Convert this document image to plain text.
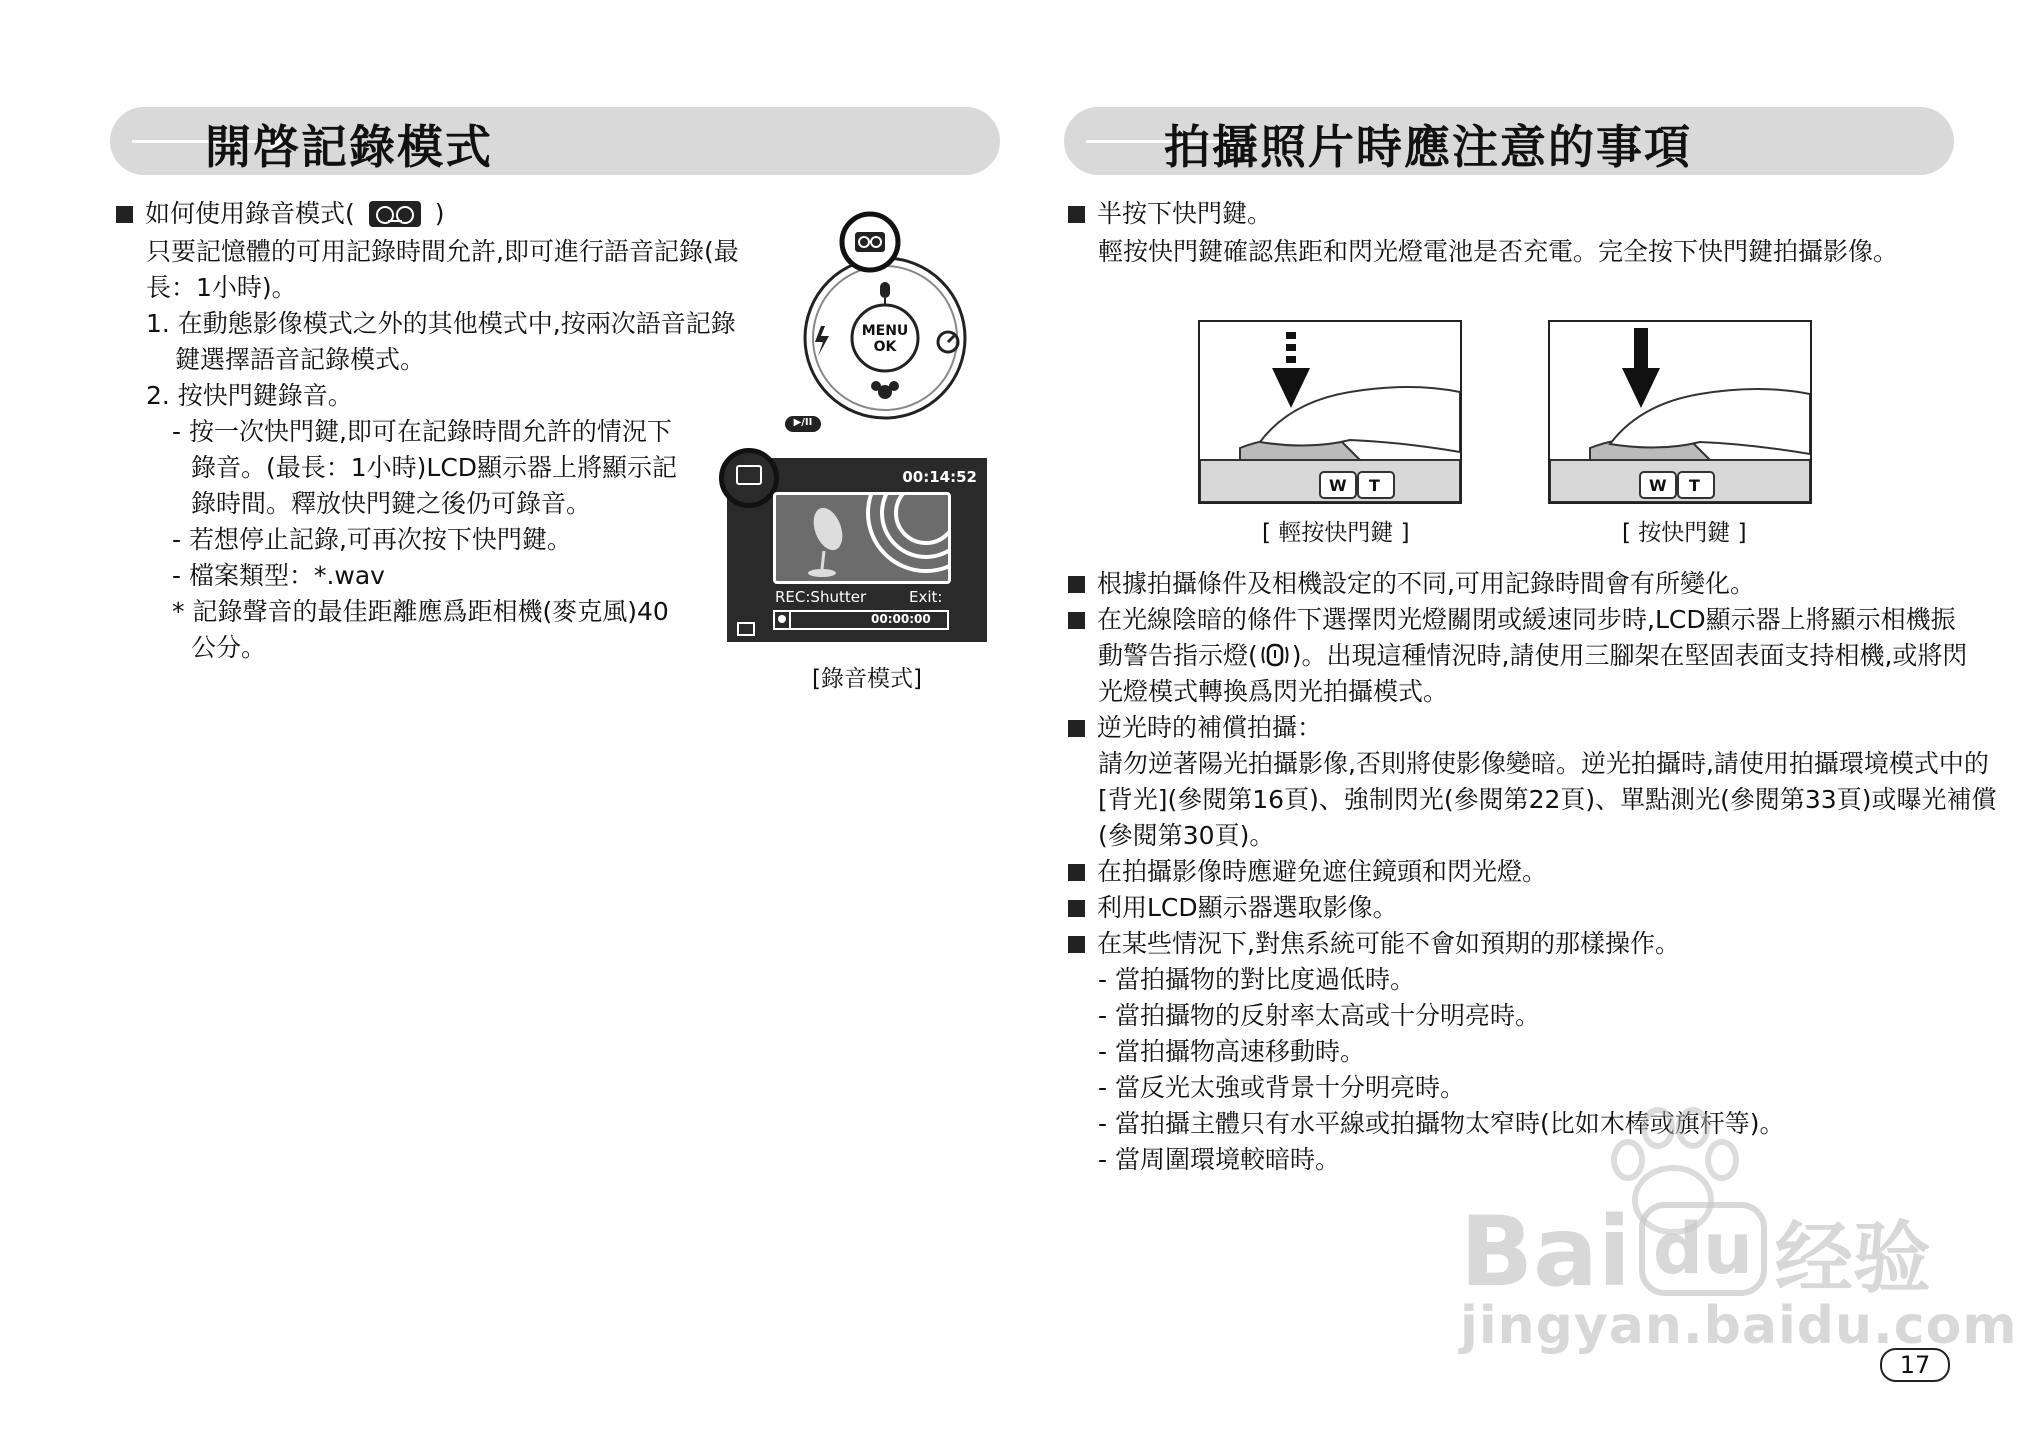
開啓記錄模式	拍攝照片時應注意的事項
如何使用錄音模式(	)
只要記憶體的可用記錄時間允許,即可進行語音記錄(最
長：1小時)。
1. 在動態影像模式之外的其他模式中,按兩次語音記錄
鍵選擇語音記錄模式。
2. 按快門鍵錄音。
- 按一次快門鍵,即可在記錄時間允許的情況下
錄音。(最長：1小時)LCD顯示器上將顯示記
錄時間。釋放快門鍵之後仍可錄音。
- 若想停止記錄,可再次按下快門鍵。
- 檔案類型：*.wav
* 記錄聲音的最佳距離應爲距相機(麥克風)40
公分。
MENU
OK
▶/II
00:14:52
REC:Shutter	Exit:
00:00:00
[錄音模式]
半按下快門鍵。
輕按快門鍵確認焦距和閃光燈電池是否充電。完全按下快門鍵拍攝影像。
W T
[ 輕按快門鍵 ]
W T
[ 按快門鍵 ]
根據拍攝條件及相機設定的不同,可用記錄時間會有所變化。
在光線陰暗的條件下選擇閃光燈關閉或緩速同步時,LCD顯示器上將顯示相機振
動警告指示燈( )。出現這種情況時,請使用三腳架在堅固表面支持相機,或將閃
光燈模式轉換爲閃光拍攝模式。
逆光時的補償拍攝：
請勿逆著陽光拍攝影像,否則將使影像變暗。逆光拍攝時,請使用拍攝環境模式中的
[背光](參閱第16頁)、強制閃光(參閱第22頁)、單點測光(參閱第33頁)或曝光補償
(參閱第30頁)。
在拍攝影像時應避免遮住鏡頭和閃光燈。
利用LCD顯示器選取影像。
在某些情況下,對焦系統可能不會如預期的那樣操作。
- 當拍攝物的對比度過低時。
- 當拍攝物的反射率太高或十分明亮時。
- 當拍攝物高速移動時。
- 當反光太強或背景十分明亮時。
- 當拍攝主體只有水平線或拍攝物太窄時(比如木棒或旗杆等)。
- 當周圍環境較暗時。
Bai du 经验
jingyan.baidu.com
17
